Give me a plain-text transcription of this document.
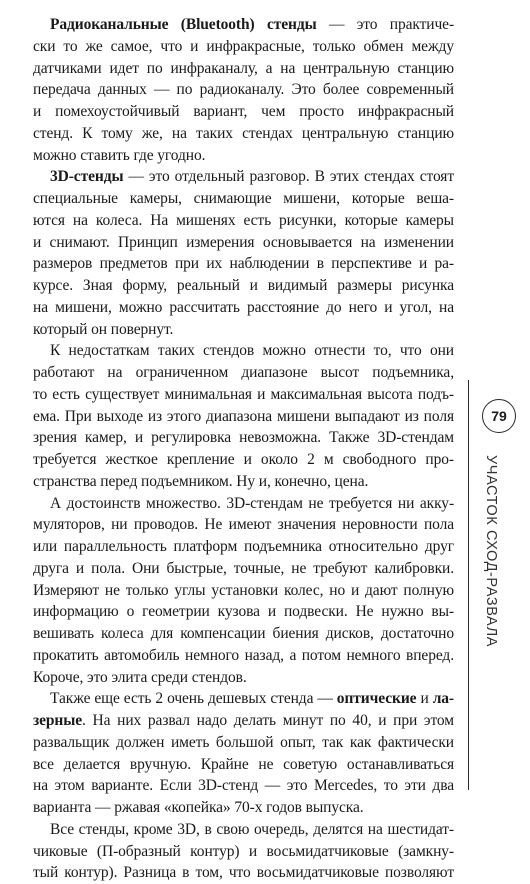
Радиоканальные (Bluetooth) стенды — это практиче-
ски то же самое, что и инфракрасные, только обмен между
датчиками идет по инфраканалу, а на центральную станцию
передача данных — по радиоканалу. Это более современный
и помехоустойчивый вариант, чем просто инфракрасный
стенд. К тому же, на таких стендах центральную станцию
можно ставить где угодно.
3D-стенды — это отдельный разговор. В этих стендах стоят
специальные камеры, снимающие мишени, которые веша-
ются на колеса. На мишенях есть рисунки, которые камеры
и снимают. Принцип измерения основывается на изменении
размеров предметов при их наблюдении в перспективе и ра-
курсе. Зная форму, реальный и видимый размеры рисунка
на мишени, можно рассчитать расстояние до него и угол, на
который он повернут.
К недостаткам таких стендов можно отнести то, что они
работают на ограниченном диапазоне высот подъемника,
то есть существует минимальная и максимальная высота подъ-
ема. При выходе из этого диапазона мишени выпадают из поля
зрения камер, и регулировка невозможна. Также 3D-стендам
требуется жесткое крепление и около 2 м свободного про-
странства перед подъемником. Ну и, конечно, цена.
А достоинств множество. 3D-стендам не требуется ни акку-
муляторов, ни проводов. Не имеют значения неровности пола
или параллельность платформ подъемника относительно друг
друга и пола. Они быстрые, точные, не требуют калибровки.
Измеряют не только углы установки колес, но и дают полную
информацию о геометрии кузова и подвески. Не нужно вы-
вешивать колеса для компенсации биения дисков, достаточно
прокатить автомобиль немного назад, а потом немного вперед.
Короче, это элита среди стендов.
Также еще есть 2 очень дешевых стенда — оптические и ла-
зерные. На них развал надо делать минут по 40, и при этом
развальщик должен иметь большой опыт, так как фактически
все делается вручную. Крайне не советую останавливаться
на этом варианте. Если 3D-стенд — это Mercedes, то эти два
варианта — ржавая «копейка» 70-х годов выпуска.
Все стенды, кроме 3D, в свою очередь, делятся на шестидат-
чиковые (П-образный контур) и восьмидатчиковые (замкну-
тый контур). Разница в том, что восьмидатчиковые позволяют
79
УЧАСТОК СХОД-РАЗВАЛА
